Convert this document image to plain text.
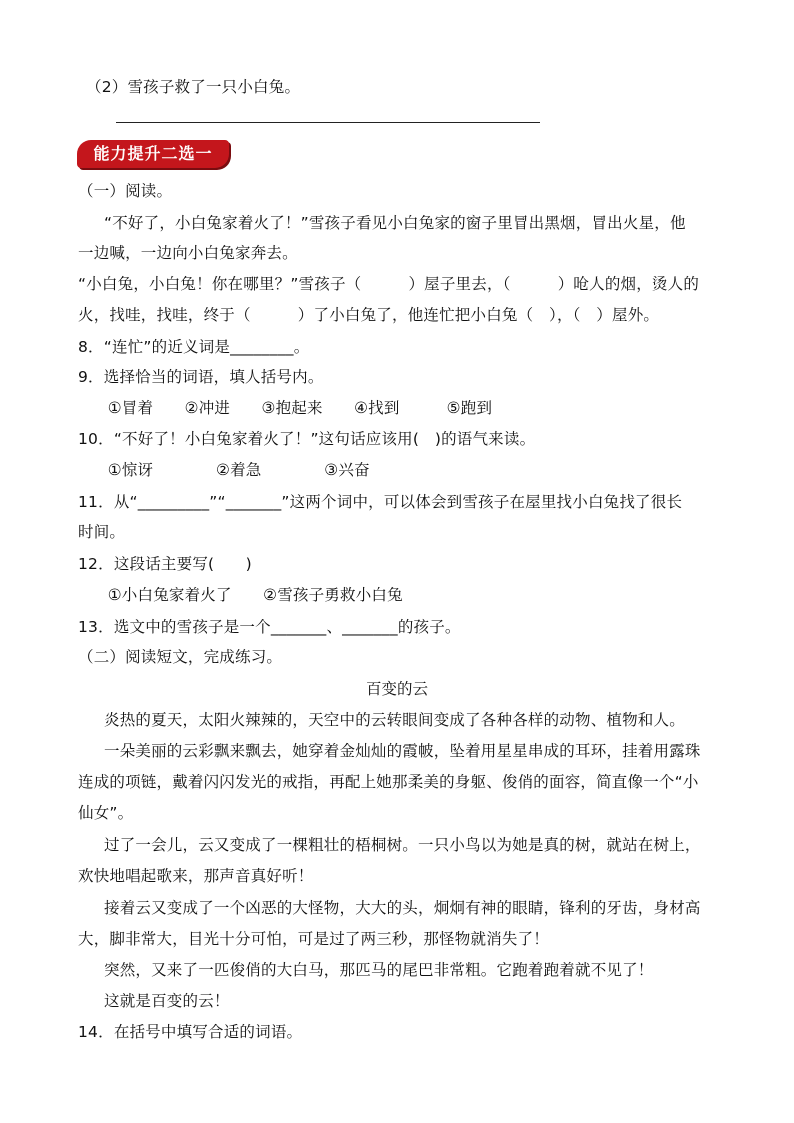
（2）雪孩子救了一只小白兔。
能力提升二选一
（一）阅读。
“不好了，小白兔家着火了！”雪孩子看见小白兔家的窗子里冒出黑烟，冒出火星，他
一边喊，一边向小白兔家奔去。
“小白兔，小白兔！你在哪里？”雪孩子（　　　）屋子里去，（　　　）呛人的烟，烫人的
火，找哇，找哇，终于（　　　）了小白兔了，他连忙把小白兔（　），（　）屋外。
8．“连忙”的近义词是________。
9．选择恰当的词语，填人括号内。
　①冒着　　②冲进　　③抱起来　　④找到　　　⑤跑到
10．“不好了！小白兔家着火了！”这句话应该用(　)的语气来读。
　①惊讶　　　　②着急　　　　③兴奋
11．从“_________”“_______”这两个词中，可以体会到雪孩子在屋里找小白兔找了很长
时间。
12．这段话主要写(　　)
　①小白兔家着火了　　②雪孩子勇救小白兔
13．选文中的雪孩子是一个_______、_______的孩子。
（二）阅读短文，完成练习。
百变的云
炎热的夏天，太阳火辣辣的，天空中的云转眼间变成了各种各样的动物、植物和人。
一朵美丽的云彩飘来飘去，她穿着金灿灿的霞帔，坠着用星星串成的耳环，挂着用露珠
连成的项链，戴着闪闪发光的戒指，再配上她那柔美的身躯、俊俏的面容，简直像一个“小
仙女”。
过了一会儿，云又变成了一棵粗壮的梧桐树。一只小鸟以为她是真的树，就站在树上，
欢快地唱起歌来，那声音真好听！
接着云又变成了一个凶恶的大怪物，大大的头，炯炯有神的眼睛，锋利的牙齿，身材高
大，脚非常大，目光十分可怕，可是过了两三秒，那怪物就消失了！
突然，又来了一匹俊俏的大白马，那匹马的尾巴非常粗。它跑着跑着就不见了！
这就是百变的云！
14．在括号中填写合适的词语。
